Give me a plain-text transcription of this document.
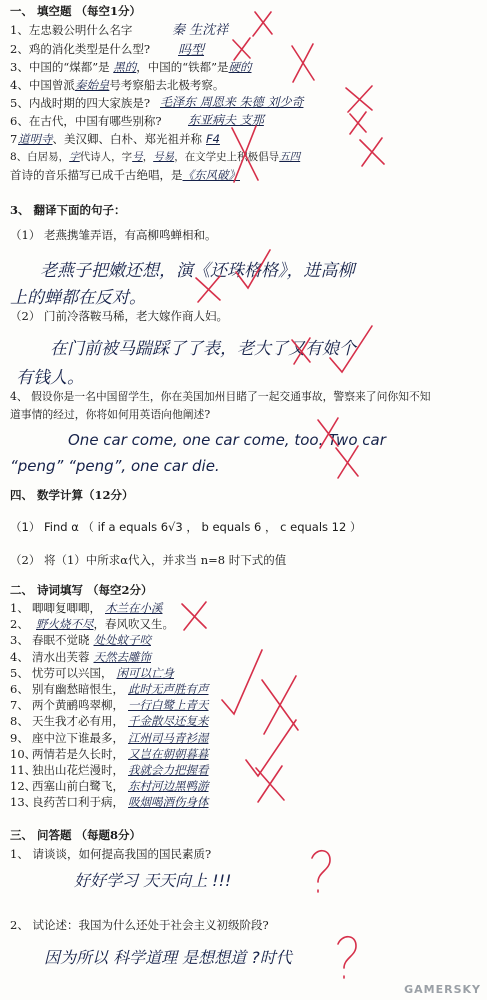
一、 填空题 （每空1分）
1、左忠毅公明什么名字	秦 生沈祥
2、鸡的消化类型是什么型? 吗型
3、中国的“煤都”是 黑的，中国的“铁都”是硬的
4、中国曾派秦始皇号考察船去北极考察。
5、内战时期的四大家族是? 毛泽东 周恩来 朱德 刘少奇
6、在古代，中国有哪些别称? 东亚病夫 支那
7道明寺、美汉卿、白朴、郑光祖并称 F4
8、白居易，字代诗人，字号，号易，在文学史上积极倡导五四
首诗的音乐描写已成千古绝唱，是《东风破》
3、 翻译下面的句子：
（1） 老燕携雏弄语，有高柳鸣蝉相和。
老燕子把嫩还想，演《还珠格格》，进高柳
上的蝉都在反对。
（2） 门前冷落鞍马稀，老大嫁作商人妇。
在门前被马踹踩了了表，老大了又有娘个
有钱人。
4、 假设你是一名中国留学生，你在美国加州目睹了一起交通事故，警察来了问你知不知
道事情的经过，你将如何用英语向他阐述?
One car come, one car come, too. Two car
“peng” “peng”, one car die.
四、 数学计算（12分）
（1） Find α （ if a equals 6√3 ， b equals 6 ， c equals 12 ）
（2） 将（1）中所求α代入，并求当 n=8 时下式的值
二、 诗词填写 （每空2分）
1、 唧唧复唧唧， 木兰在小溪
2、 野火烧不尽，春风吹又生。
3、 春眠不觉晓 处处蚊子咬
4、 清水出芙蓉 天然去雕饰
5、 忧劳可以兴国， 闲可以亡身
6、 别有幽愁暗恨生， 此时无声胜有声
7、 两个黄鹂鸣翠柳， 一行白鹭上青天
8、 天生我才必有用， 千金散尽还复来
9、 座中泣下谁最多， 江州司马青衫湿
10、两情若是久长时， 又岂在朝朝暮暮
11、独出山花烂漫时， 我就会力把握看
12、西塞山前白鹭飞， 东村河边黑鸭游
13、良药苦口利于病， 吸烟喝酒伤身体
三、 问答题 （每题8分）
1、 请谈谈，如何提高我国的国民素质?
好好学习 天天向上 !!!
2、 试论述：我国为什么还处于社会主义初级阶段?
因为所以 科学道理 是想想道 ?时代
GAMERSKY
